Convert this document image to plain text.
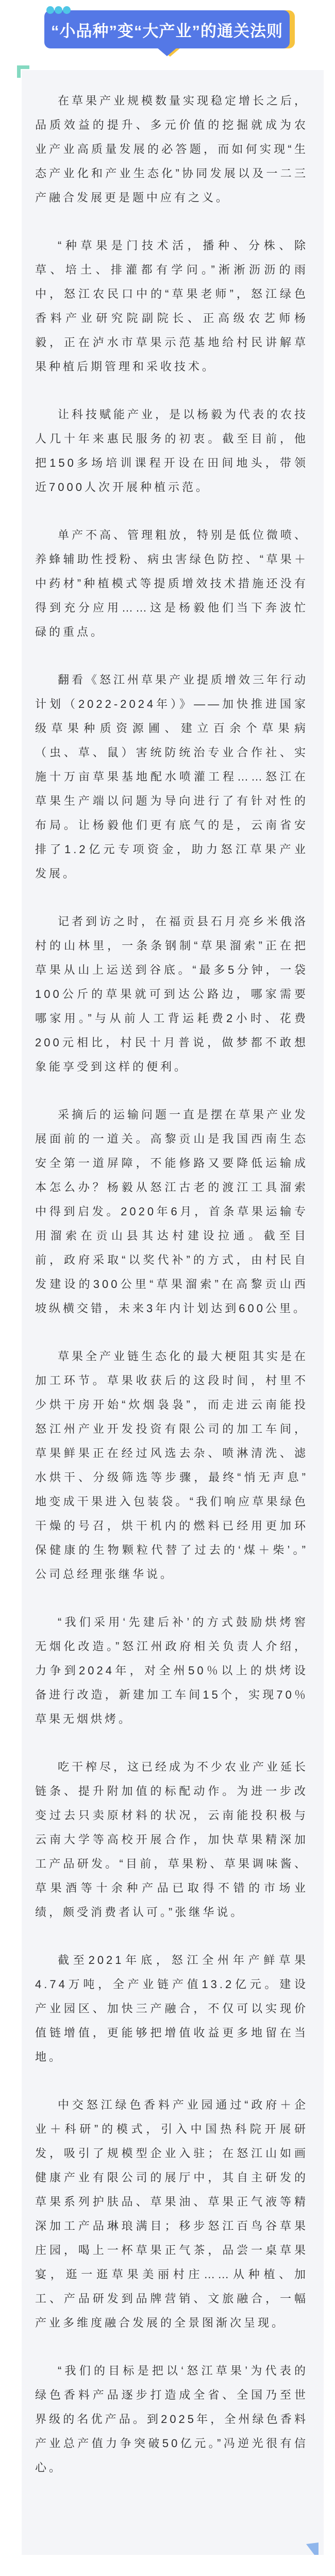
“小品种”变“大产业”的通关法则

在草果产业规模数量实现稳定增长之后，品质效益的提升、多元价值的挖掘就成为农业产业高质量发展的必答题，而如何实现“生态产业化和产业生态化”协同发展以及一二三产融合发展更是题中应有之义。

“种草果是门技术活，播种、分株、除草、培土、排灌都有学问。”淅淅沥沥的雨中，怒江农民口中的“草果老师”，怒江绿色香料产业研究院副院长、正高级农艺师杨毅，正在泸水市草果示范基地给村民讲解草果种植后期管理和采收技术。

让科技赋能产业，是以杨毅为代表的农技人几十年来惠民服务的初衷。截至目前，他把150多场培训课程开设在田间地头，带领近7000人次开展种植示范。

单产不高、管理粗放，特别是低位微喷、养蜂辅助性授粉、病虫害绿色防控、“草果＋中药材”种植模式等提质增效技术措施还没有得到充分应用……这是杨毅他们当下奔波忙碌的重点。

翻看《怒江州草果产业提质增效三年行动计划（2022-2024年）》——加快推进国家级草果种质资源圃、建立百余个草果病（虫、草、鼠）害统防统治专业合作社、实施十万亩草果基地配水喷灌工程……怒江在草果生产端以问题为导向进行了有针对性的布局。让杨毅他们更有底气的是，云南省安排了1.2亿元专项资金，助力怒江草果产业发展。

记者到访之时，在福贡县石月亮乡米俄洛村的山林里，一条条钢制“草果溜索”正在把草果从山上运送到谷底。“最多5分钟，一袋100公斤的草果就可到达公路边，哪家需要哪家用。”与从前人工背运耗费2小时、花费200元相比，村民十月普说，做梦都不敢想象能享受到这样的便利。

采摘后的运输问题一直是摆在草果产业发展面前的一道关。高黎贡山是我国西南生态安全第一道屏障，不能修路又要降低运输成本怎么办？杨毅从怒江古老的渡江工具溜索中得到启发。2020年6月，首条草果运输专用溜索在贡山县其达村建设拉通。截至目前，政府采取“以奖代补”的方式，由村民自发建设的300公里“草果溜索”在高黎贡山西坡纵横交错，未来3年内计划达到600公里。

草果全产业链生态化的最大梗阻其实是在加工环节。草果收获后的这段时间，村里不少烘干房开始“炊烟袅袅”，而走进云南能投怒江州产业开发投资有限公司的加工车间，草果鲜果正在经过风选去杂、喷淋清洗、滤水烘干、分级筛选等步骤，最终“悄无声息”地变成干果进入包装袋。“我们响应草果绿色干燥的号召，烘干机内的燃料已经用更加环保健康的生物颗粒代替了过去的‘煤＋柴’。”公司总经理张继华说。

“我们采用‘先建后补’的方式鼓励烘烤窖无烟化改造。”怒江州政府相关负责人介绍，力争到2024年，对全州50％以上的烘烤设备进行改造，新建加工车间15个，实现70％草果无烟烘烤。

吃干榨尽，这已经成为不少农业产业延长链条、提升附加值的标配动作。为进一步改变过去只卖原材料的状况，云南能投积极与云南大学等高校开展合作，加快草果精深加工产品研发。“目前，草果粉、草果调味酱、草果酒等十余种产品已取得不错的市场业绩，颇受消费者认可。”张继华说。

截至2021年底，怒江全州年产鲜草果4.74万吨，全产业链产值13.2亿元。建设产业园区、加快三产融合，不仅可以实现价值链增值，更能够把增值收益更多地留在当地。

中交怒江绿色香料产业园通过“政府＋企业＋科研”的模式，引入中国热科院开展研发，吸引了规模型企业入驻；在怒江山如画健康产业有限公司的展厅中，其自主研发的草果系列护肤品、草果油、草果正气液等精深加工产品琳琅满目；移步怒江百鸟谷草果庄园，喝上一杯草果正气茶，品尝一桌草果宴，逛一逛草果美丽村庄……从种植、加工、产品研发到品牌营销、文旅融合，一幅产业多维度融合发展的全景图渐次呈现。

“我们的目标是把以‘怒江草果’为代表的绿色香料产品逐步打造成全省、全国乃至世界级的名优产品。到2025年，全州绿色香料产业总产值力争突破50亿元。”冯逆光很有信心。
